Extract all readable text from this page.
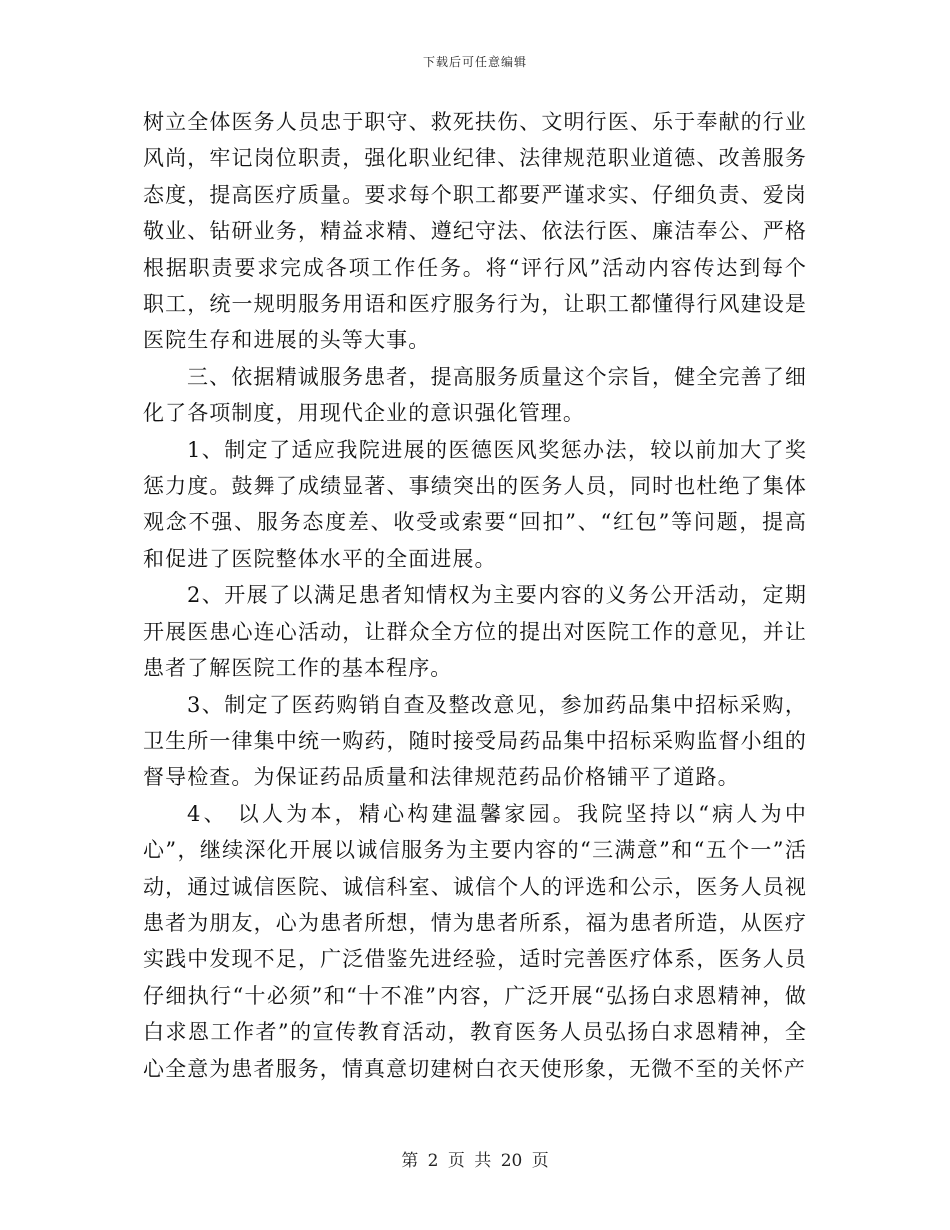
下载后可任意编辑

树立全体医务人员忠于职守、救死扶伤、文明行医、乐于奉献的行业风尚，牢记岗位职责，强化职业纪律、法律规范职业道德、改善服务态度，提高医疗质量。要求每个职工都要严谨求实、仔细负责、爱岗敬业、钻研业务，精益求精、遵纪守法、依法行医、廉洁奉公、严格根据职责要求完成各项工作任务。将“评行风”活动内容传达到每个职工，统一规明服务用语和医疗服务行为，让职工都懂得行风建设是医院生存和进展的头等大事。

三、依据精诚服务患者，提高服务质量这个宗旨，健全完善了细化了各项制度，用现代企业的意识强化管理。

1、制定了适应我院进展的医德医风奖惩办法，较以前加大了奖惩力度。鼓舞了成绩显著、事绩突出的医务人员，同时也杜绝了集体观念不强、服务态度差、收受或索要“回扣”、“红包”等问题，提高和促进了医院整体水平的全面进展。

2、开展了以满足患者知情权为主要内容的义务公开活动，定期开展医患心连心活动，让群众全方位的提出对医院工作的意见，并让患者了解医院工作的基本程序。

3、制定了医药购销自查及整改意见，参加药品集中招标采购，卫生所一律集中统一购药，随时接受局药品集中招标采购监督小组的督导检查。为保证药品质量和法律规范药品价格铺平了道路。

4、 以人为本，精心构建温馨家园。我院坚持以“病人为中心”，继续深化开展以诚信服务为主要内容的“三满意”和“五个一”活动，通过诚信医院、诚信科室、诚信个人的评选和公示，医务人员视患者为朋友，心为患者所想，情为患者所系，福为患者所造，从医疗实践中发现不足，广泛借鉴先进经验，适时完善医疗体系，医务人员仔细执行“十必须”和“十不准”内容，广泛开展“弘扬白求恩精神，做白求恩工作者”的宣传教育活动，教育医务人员弘扬白求恩精神，全心全意为患者服务，情真意切建树白衣天使形象，无微不至的关怀产

第 2 页 共 20 页
